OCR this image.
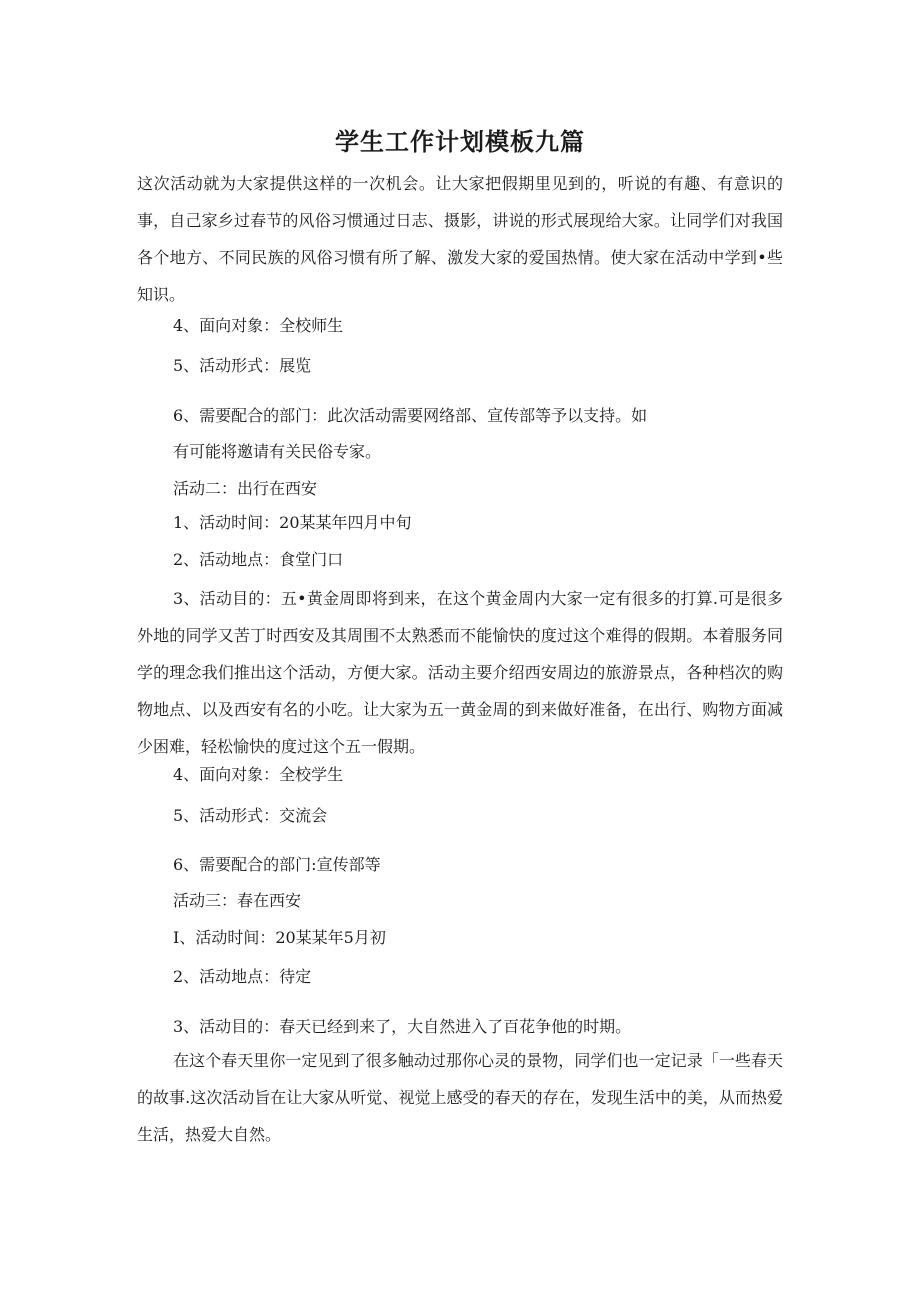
学生工作计划模板九篇

这次活动就为大家提供这样的一次机会。让大家把假期里见到的，听说的有趣、有意识的事，自己家乡过春节的风俗习惯通过日志、摄影，讲说的形式展现给大家。让同学们对我国各个地方、不同民族的风俗习惯有所了解、激发大家的爱国热情。使大家在活动中学到•些知识。

4、面向对象：全校师生

5、活动形式：展览

6、需要配合的部门：此次活动需要网络部、宣传部等予以支持。如

有可能将邀请有关民俗专家。

活动二：出行在西安

1、活动时间：20某某年四月中旬

2、活动地点：食堂门口

3、活动目的：五•黄金周即将到来，在这个黄金周内大家一定有很多的打算.可是很多外地的同学又苦丁时西安及其周围不太熟悉而不能愉快的度过这个难得的假期。本着服务同学的理念我们推出这个活动，方便大家。活动主要介绍西安周边的旅游景点，各种档次的购物地点、以及西安有名的小吃。让大家为五一黄金周的到来做好准备，在出行、购物方面减少困难，轻松愉快的度过这个五一假期。

4、面向对象：全校学生

5、活动形式：交流会

6、需要配合的部门:宣传部等

活动三：春在西安

I、活动时间：20某某年5月初

2、活动地点：待定

3、活动目的：春天已经到来了，大自然进入了百花争他的时期。

在这个春天里你一定见到了很多触动过那你心灵的景物，同学们也一定记录「一些春天的故事.这次活动旨在让大家从听觉、视觉上感受的春天的存在，发现生活中的美，从而热爱生活，热爱大自然。
